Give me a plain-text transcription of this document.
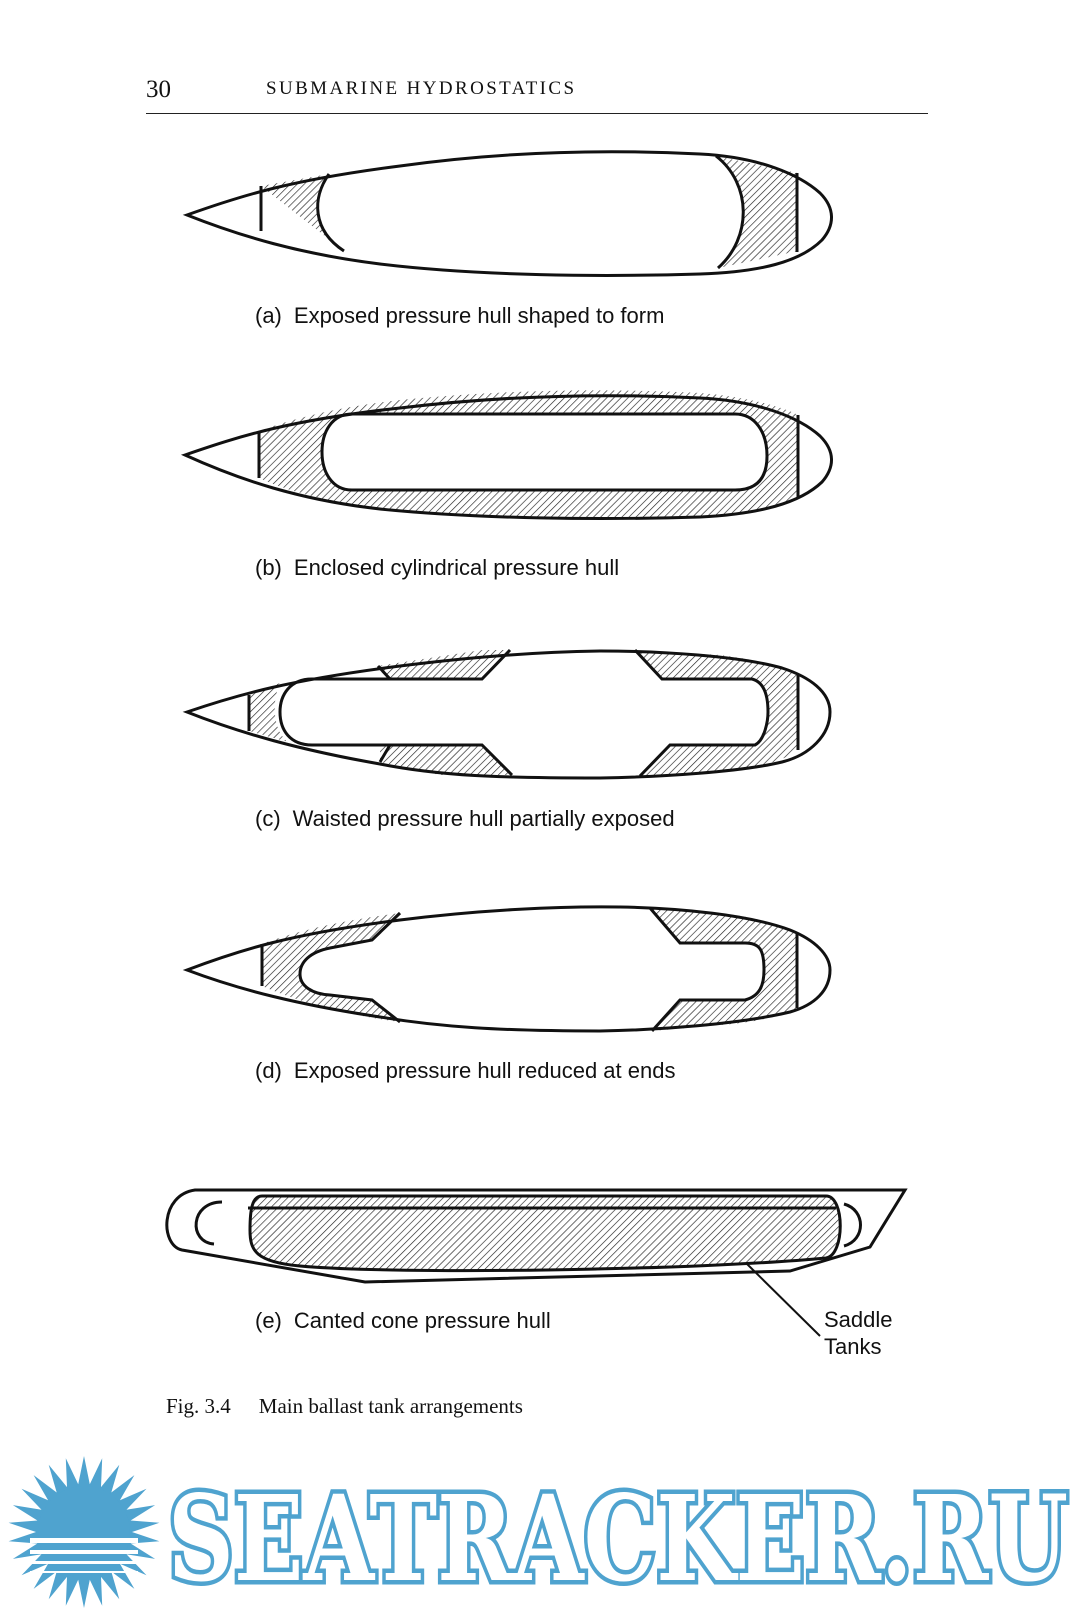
30	SUBMARINE HYDROSTATICS
(a) Exposed pressure hull shaped to form
(b) Enclosed cylindrical pressure hull
(c) Waisted pressure hull partially exposed
(d) Exposed pressure hull reduced at ends
(e) Canted cone pressure hull	Saddle
Tanks
Fig. 3.4 Main ballast tank arrangements
SEATRACKER.RU
